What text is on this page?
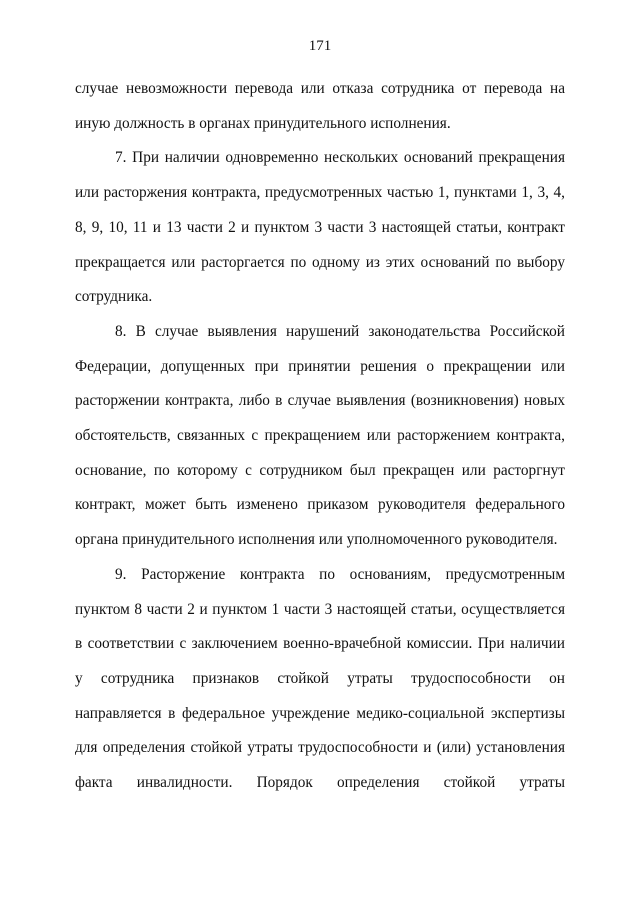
171

случае невозможности перевода или отказа сотрудника от перевода на иную должность в органах принудительного исполнения.

7. При наличии одновременно нескольких оснований прекращения или расторжения контракта, предусмотренных частью 1, пунктами 1, 3, 4, 8, 9, 10, 11 и 13 части 2 и пунктом 3 части 3 настоящей статьи, контракт прекращается или расторгается по одному из этих оснований по выбору сотрудника.

8. В случае выявления нарушений законодательства Российской Федерации, допущенных при принятии решения о прекращении или расторжении контракта, либо в случае выявления (возникновения) новых обстоятельств, связанных с прекращением или расторжением контракта, основание, по которому с сотрудником был прекращен или расторгнут контракт, может быть изменено приказом руководителя федерального органа принудительного исполнения или уполномоченного руководителя.

9. Расторжение контракта по основаниям, предусмотренным пунктом 8 части 2 и пунктом 1 части 3 настоящей статьи, осуществляется в соответствии с заключением военно-врачебной комиссии. При наличии у сотрудника признаков стойкой утраты трудоспособности он направляется в федеральное учреждение медико-социальной экспертизы для определения стойкой утраты трудоспособности и (или) установления факта инвалидности. Порядок определения стойкой утраты
